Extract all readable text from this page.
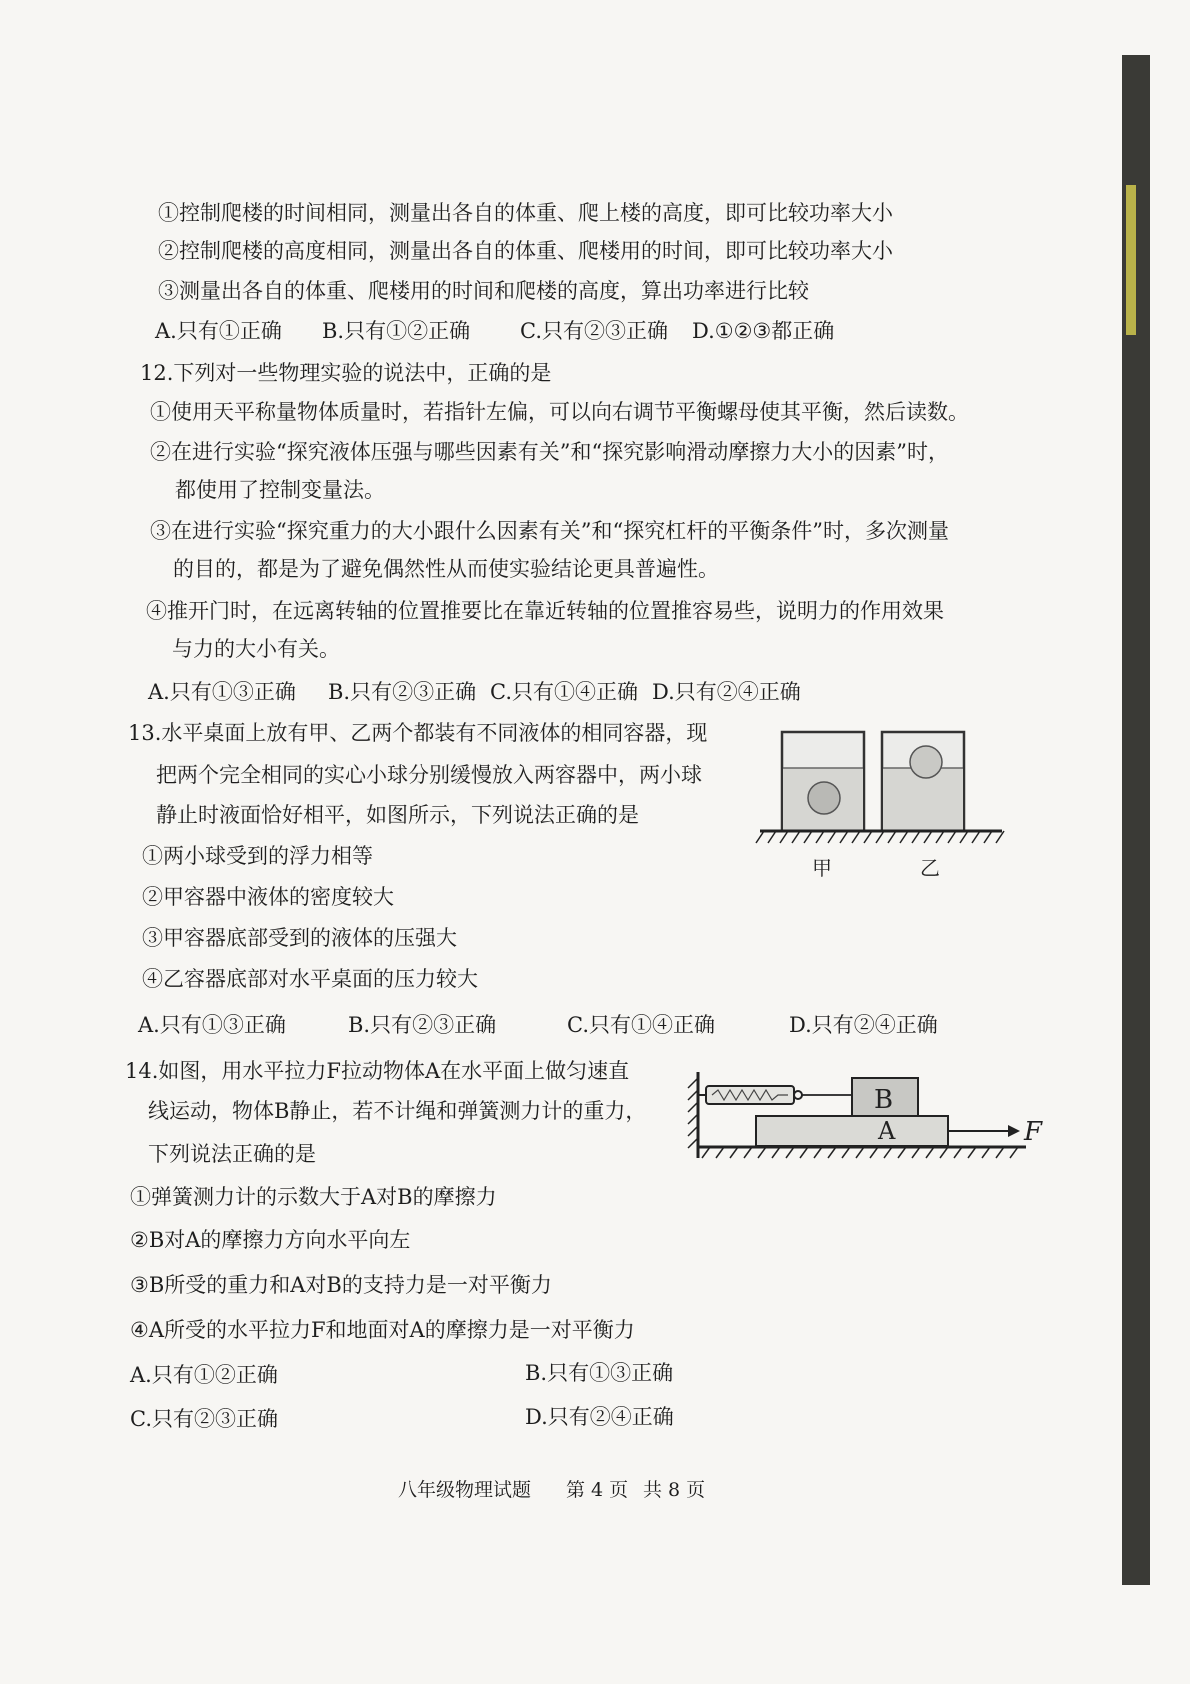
①控制爬楼的时间相同，测量出各自的体重、爬上楼的高度，即可比较功率大小
②控制爬楼的高度相同，测量出各自的体重、爬楼用的时间，即可比较功率大小
③测量出各自的体重、爬楼用的时间和爬楼的高度，算出功率进行比较
A.只有①正确 B.只有①②正确 C.只有②③正确 D.①②③都正确
12.下列对一些物理实验的说法中，正确的是
①使用天平称量物体质量时，若指针左偏，可以向右调节平衡螺母使其平衡，然后读数。
②在进行实验“探究液体压强与哪些因素有关”和“探究影响滑动摩擦力大小的因素”时，
都使用了控制变量法。
③在进行实验“探究重力的大小跟什么因素有关”和“探究杠杆的平衡条件”时，多次测量
的目的，都是为了避免偶然性从而使实验结论更具普遍性。
④推开门时，在远离转轴的位置推要比在靠近转轴的位置推容易些，说明力的作用效果
与力的大小有关。
A.只有①③正确 B.只有②③正确 C.只有①④正确 D.只有②④正确
13.水平桌面上放有甲、乙两个都装有不同液体的相同容器，现
把两个完全相同的实心小球分别缓慢放入两容器中，两小球
静止时液面恰好相平，如图所示，下列说法正确的是
①两小球受到的浮力相等
②甲容器中液体的密度较大
③甲容器底部受到的液体的压强大
④乙容器底部对水平桌面的压力较大
A.只有①③正确	B.只有②③正确	C.只有①④正确	D.只有②④正确
甲	乙
14.如图，用水平拉力F拉动物体A在水平面上做匀速直
线运动，物体B静止，若不计绳和弹簧测力计的重力，
下列说法正确的是
①弹簧测力计的示数大于A对B的摩擦力
②B对A的摩擦力方向水平向左
③B所受的重力和A对B的支持力是一对平衡力
④A所受的水平拉力F和地面对A的摩擦力是一对平衡力
A.只有①②正确	B.只有①③正确
C.只有②③正确	D.只有②④正确
B
A	F
八年级物理试题 第 4 页 共 8 页
